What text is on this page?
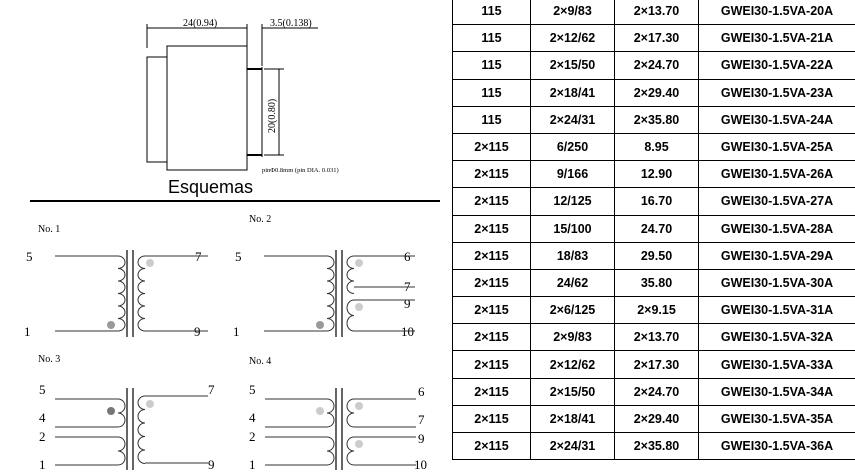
24(0.94)	3.5(0.138)
20(0.80)
pinΦ0.8mm (pin DIA. 0.031)
Esquemas
No. 1
5
1
7
9
No. 2
5
1
6
7
9
10
No. 3
5
4
2
1
7
9
No. 4
5
4
2
1
6
7
9
10
115	2×9/83	2×13.70	GWEI30-1.5VA-20A
115	2×12/62	2×17.30	GWEI30-1.5VA-21A
115	2×15/50	2×24.70	GWEI30-1.5VA-22A
115	2×18/41	2×29.40	GWEI30-1.5VA-23A
115	2×24/31	2×35.80	GWEI30-1.5VA-24A
2×115	6/250	8.95	GWEI30-1.5VA-25A
2×115	9/166	12.90	GWEI30-1.5VA-26A
2×115	12/125	16.70	GWEI30-1.5VA-27A
2×115	15/100	24.70	GWEI30-1.5VA-28A
2×115	18/83	29.50	GWEI30-1.5VA-29A
2×115	24/62	35.80	GWEI30-1.5VA-30A
2×115	2×6/125	2×9.15	GWEI30-1.5VA-31A
2×115	2×9/83	2×13.70	GWEI30-1.5VA-32A
2×115	2×12/62	2×17.30	GWEI30-1.5VA-33A
2×115	2×15/50	2×24.70	GWEI30-1.5VA-34A
2×115	2×18/41	2×29.40	GWEI30-1.5VA-35A
2×115	2×24/31	2×35.80	GWEI30-1.5VA-36A
